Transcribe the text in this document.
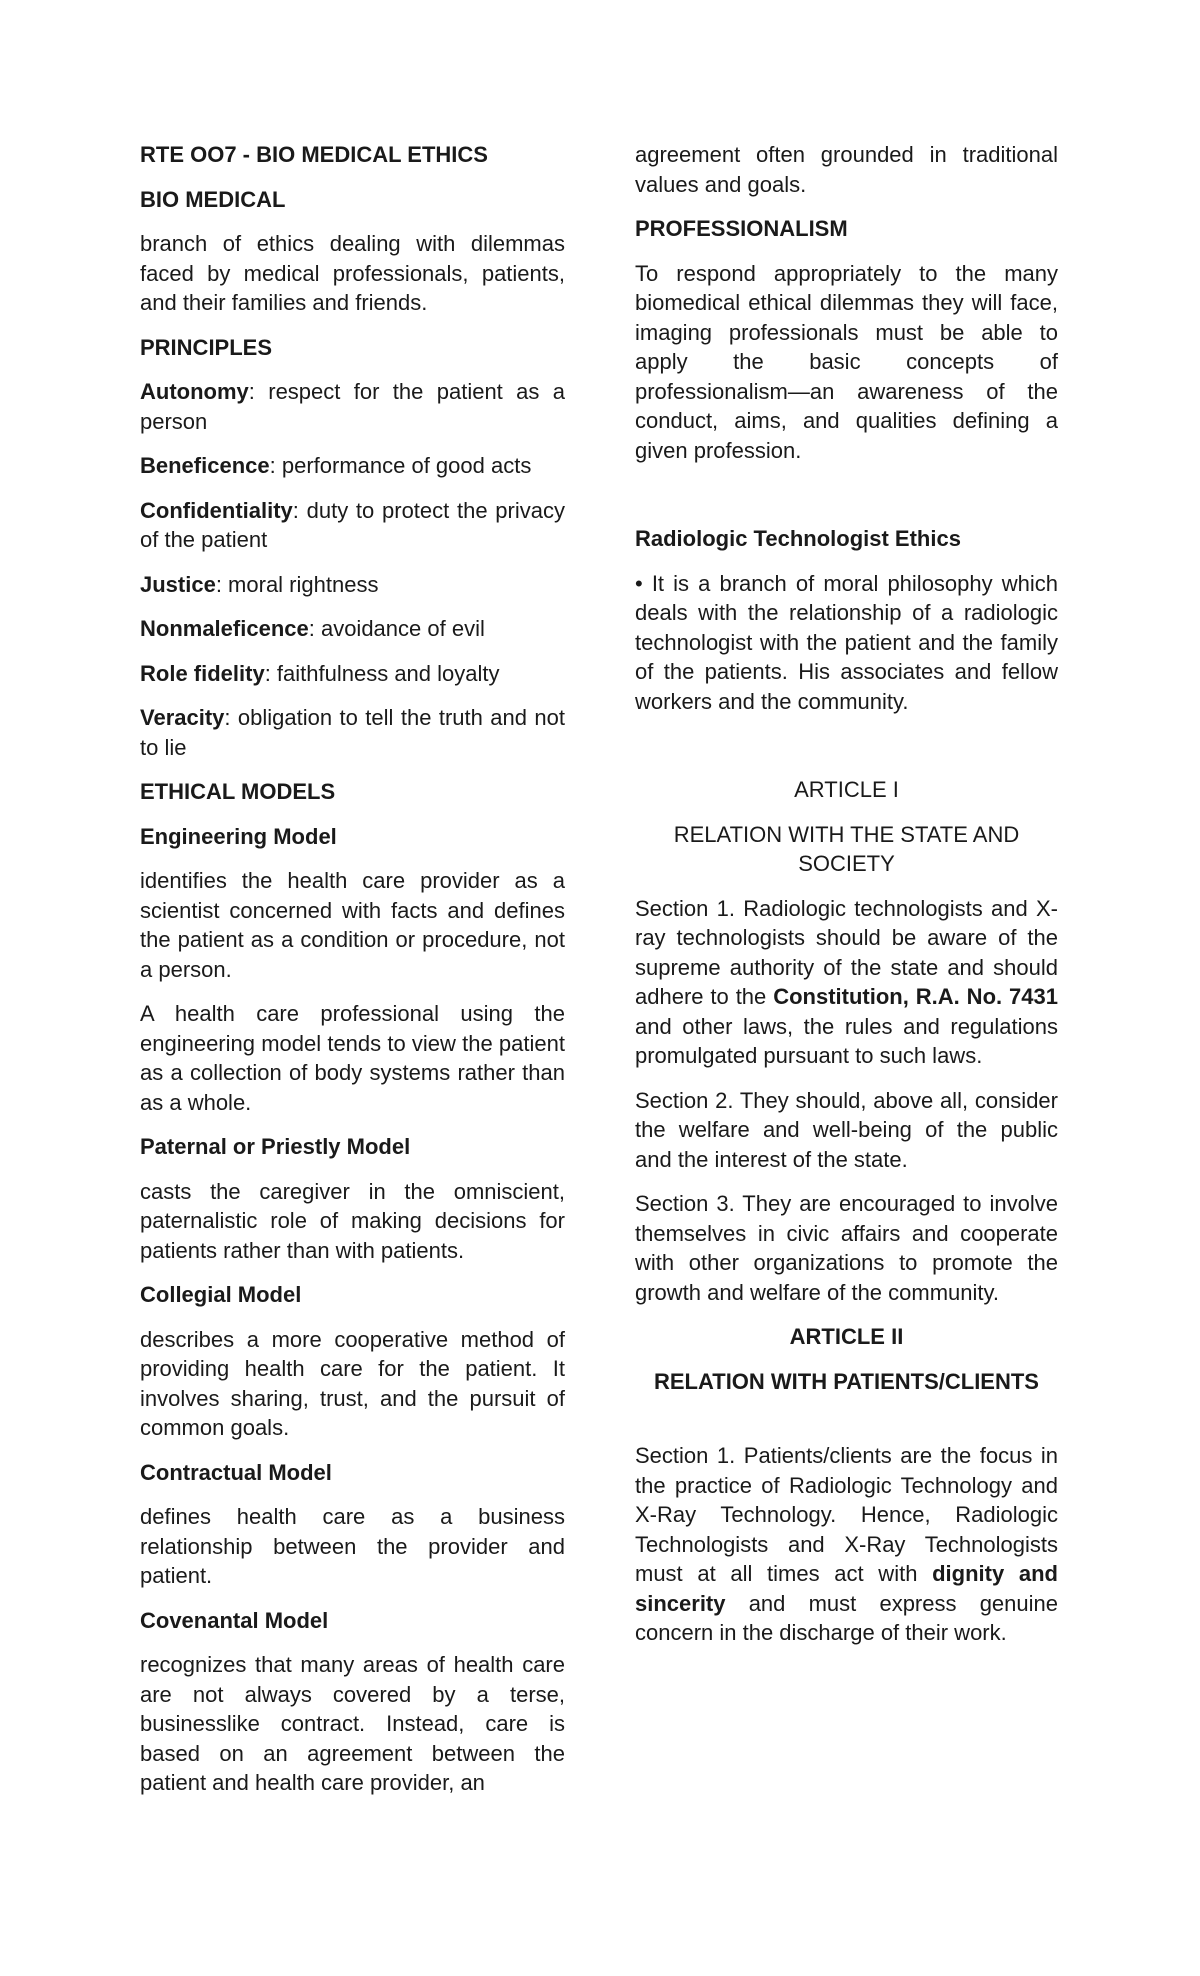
RTE OO7 - BIO MEDICAL ETHICS

BIO MEDICAL

branch of ethics dealing with dilemmas faced by medical professionals, patients, and their families and friends.

PRINCIPLES

Autonomy: respect for the patient as a person

Beneficence: performance of good acts

Confidentiality: duty to protect the privacy of the patient

Justice: moral rightness

Nonmaleficence: avoidance of evil

Role fidelity: faithfulness and loyalty

Veracity: obligation to tell the truth and not to lie

ETHICAL MODELS

Engineering Model

identifies the health care provider as a scientist concerned with facts and defines the patient as a condition or procedure, not a person.

A health care professional using the engineering model tends to view the patient as a collection of body systems rather than as a whole.

Paternal or Priestly Model

casts the caregiver in the omniscient, paternalistic role of making decisions for patients rather than with patients.

Collegial Model

describes a more cooperative method of providing health care for the patient. It involves sharing, trust, and the pursuit of common goals.

Contractual Model

defines health care as a business relationship between the provider and patient.

Covenantal Model

recognizes that many areas of health care are not always covered by a terse, businesslike contract. Instead, care is based on an agreement between the patient and health care provider, an

agreement often grounded in traditional values and goals.

PROFESSIONALISM

To respond appropriately to the many biomedical ethical dilemmas they will face, imaging professionals must be able to apply the basic concepts of professionalism—an awareness of the conduct, aims, and qualities defining a given profession.

Radiologic Technologist Ethics

• It is a branch of moral philosophy which deals with the relationship of a radiologic technologist with the patient and the family of the patients. His associates and fellow workers and the community.

ARTICLE I

RELATION WITH THE STATE AND SOCIETY

Section 1. Radiologic technologists and X-ray technologists should be aware of the supreme authority of the state and should adhere to the Constitution, R.A. No. 7431 and other laws, the rules and regulations promulgated pursuant to such laws.

Section 2. They should, above all, consider the welfare and well-being of the public and the interest of the state.

Section 3. They are encouraged to involve themselves in civic affairs and cooperate with other organizations to promote the growth and welfare of the community.

ARTICLE II

RELATION WITH PATIENTS/CLIENTS

Section 1. Patients/clients are the focus in the practice of Radiologic Technology and X-Ray Technology. Hence, Radiologic Technologists and X-Ray Technologists must at all times act with dignity and sincerity and must express genuine concern in the discharge of their work.
